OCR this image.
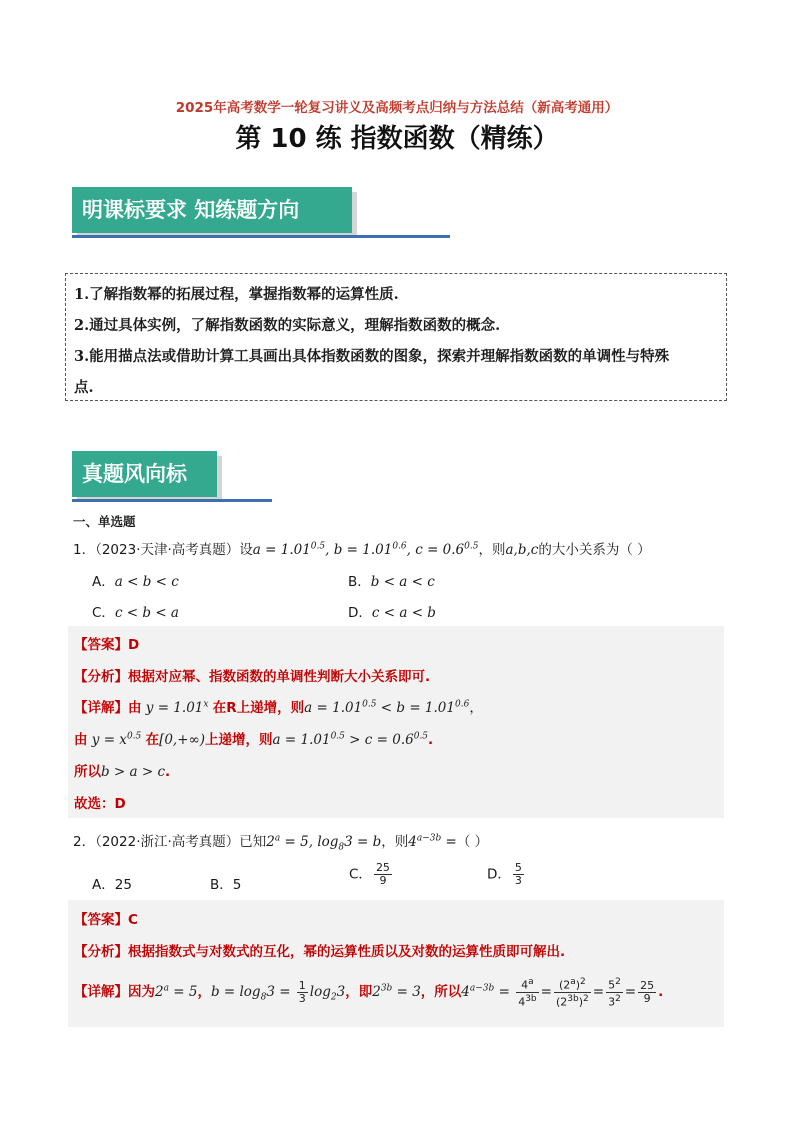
2025年高考数学一轮复习讲义及高频考点归纳与方法总结（新高考通用）
第 10 练 指数函数（精练）
明课标要求 知练题方向

1.了解指数幂的拓展过程，掌握指数幂的运算性质.

2.通过具体实例，了解指数函数的实际意义，理解指数函数的概念.

3.能用描点法或借助计算工具画出具体指数函数的图象，探索并理解指数函数的单调性与特殊

点.

真题风向标
一、单选题
1．（2023·天津·高考真题）设$a = 1.01^{0.5}$, $b = 1.01^{0.6}$, $c = 0.6^{0.5}$，则a,b,c的大小关系为（ ）
A．a < b < c	B．b < a < c
C．c < b < a	D．c < a < b
【答案】D
【分析】根据对应幂、指数函数的单调性判断大小关系即可.
【详解】由 $y = 1.01^x$ 在R上递增，则$a = 1.01^{0.5} < b = 1.01^{0.6}$，
由 $y = x^{0.5}$ 在[0,+∞)上递增，则$a = 1.01^{0.5} > c = 0.6^{0.5}$.
所以b > a > c.
故选：D
2．（2022·浙江·高考真题）已知$2^a = 5$, $\log_83 = b$，则$4^{a-3b}$ =（ ）
A．25	B．5
C． $\frac{25}{9}$	D． $\frac{5}{3}$
【答案】C
【分析】根据指数式与对数式的互化，幂的运算性质以及对数的运算性质即可解出.
【详解】因为$2^a = 5$，$b = \log_83 = \frac{1}{3} \log_23$，即$2^{3b} = 3$，所以$4^{a-3b} = \frac{4^a}{4^{3b}} = \frac{(2^a)^2}{(2^{3b})^2} = \frac{5^2}{3^2} = \frac{25}{9}$ .
